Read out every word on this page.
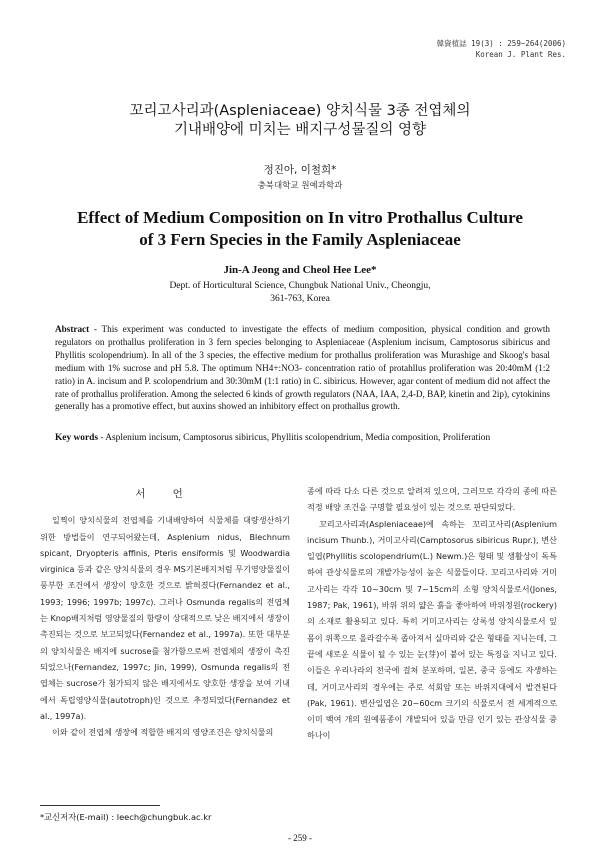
韓資植誌 19(3) : 259~264(2006)
Korean J. Plant Res.
꼬리고사리과(Aspleniaceae) 양치식물 3종 전엽체의
기내배양에 미치는 배지구성물질의 영향
정진아, 이철희*
충북대학교 원예과학과
Effect of Medium Composition on In vitro Prothallus Culture
of 3 Fern Species in the Family Aspleniaceae
Jin-A Jeong and Cheol Hee Lee*
Dept. of Horticultural Science, Chungbuk National Univ., Cheongju,
361-763, Korea
Abstract - This experiment was conducted to investigate the effects of medium composition, physical condition and growth regulators on prothallus proliferation in 3 fern species belonging to Aspleniaceae (Asplenium incisum, Camptosorus sibiricus and Phyllitis scolopendrium). In all of the 3 species, the effective medium for prothallus proliferation was Murashige and Skoog's basal medium with 1% sucrose and pH 5.8. The optimum NH4+:NO3- concentration ratio of protahllus proliferation was 20:40mM (1:2 ratio) in A. incisum and P. scolopendrium and 30:30mM (1:1 ratio) in C. sibiricus. However, agar content of medium did not affect the rate of prothallus proliferation. Among the selected 6 kinds of growth regulators (NAA, IAA, 2,4-D, BAP, kinetin and 2ip), cytokinins generally has a promotive effect, but auxins showed an inhibitory effect on prothallus growth.
Key words - Asplenium incisum, Camptosorus sibiricus, Phyllitis scolopendrium, Media composition, Proliferation
서 언

일찍이 양치식물의 전엽체를 기내배양하여 식물체를 대량생산하기 위한 방법들이 연구되어왔는데, Asplenium nidus, Blechnum spicant, Dryopteris affinis, Pteris ensiformis 및 Woodwardia virginica 등과 같은 양치식물의 경우 MS기본배지처럼 무기영양물질이 풍부한 조건에서 생장이 양호한 것으로 밝혀졌다(Fernandez et al., 1993; 1996; 1997b; 1997c). 그러나 Osmunda regalis의 전엽체는 Knop배지처럼 영양물질의 함량이 상대적으로 낮은 배지에서 생장이 촉진되는 것으로 보고되었다(Fernandez et al., 1997a). 또한 대부분의 양치식물은 배지에 sucrose를 첨가함으로써 전엽체의 생장이 촉진되었으나(Fernandez, 1997c; Jin, 1999), Osmunda regalis의 전엽체는 sucrose가 첨가되지 않은 배지에서도 양호한 생장을 보여 기내에서 독립영양식물(autotroph)인 것으로 추정되었다(Fernandez et al., 1997a).

이와 같이 전엽체 생장에 적합한 배지의 영양조건은 양치식물의

종에 따라 다소 다른 것으로 알려져 있으며, 그러므로 각각의 종에 따른 적정 배양 조건을 구명할 필요성이 있는 것으로 판단되었다.

꼬리고사리과(Aspleniaceae)에 속하는 꼬리고사리(Asplenium incisum Thunb.), 거미고사리(Camptosorus sibiricus Rupr.), 변산일엽(Phyllitis scolopendrium(L.) Newm.)은 형태 및 생활상이 독특하여 관상식물로의 개발가능성이 높은 식물들이다. 꼬리고사리와 거미고사리는 각각 10~30cm 및 7~15cm의 소형 양치식물로서(Jones, 1987; Pak, 1961), 바위 위의 얇은 흙을 좋아하여 바위정원(rockery)의 소재로 활용되고 있다. 특히 거미고사리는 상록성 양치식물로서 잎 몸이 위쪽으로 올라갈수록 좁아져서 실마리와 같은 형태를 지니는데, 그 끝에 새로운 식물이 될 수 있는 눈(芽)이 붙어 있는 특징을 지니고 있다. 이들은 우리나라의 전국에 걸쳐 분포하며, 일본, 중국 등에도 자생하는데, 거미고사리의 경우에는 주로 석회암 또는 바위지대에서 발견된다(Pak, 1961). 변산일엽은 20~60cm 크기의 식물로서 전 세계적으로 이미 백여 개의 원예품종이 개발되어 있을 만큼 인기 있는 관상식물 중 하나이

*교신저자(E-mail) : leech@chungbuk.ac.kr
- 259 -
